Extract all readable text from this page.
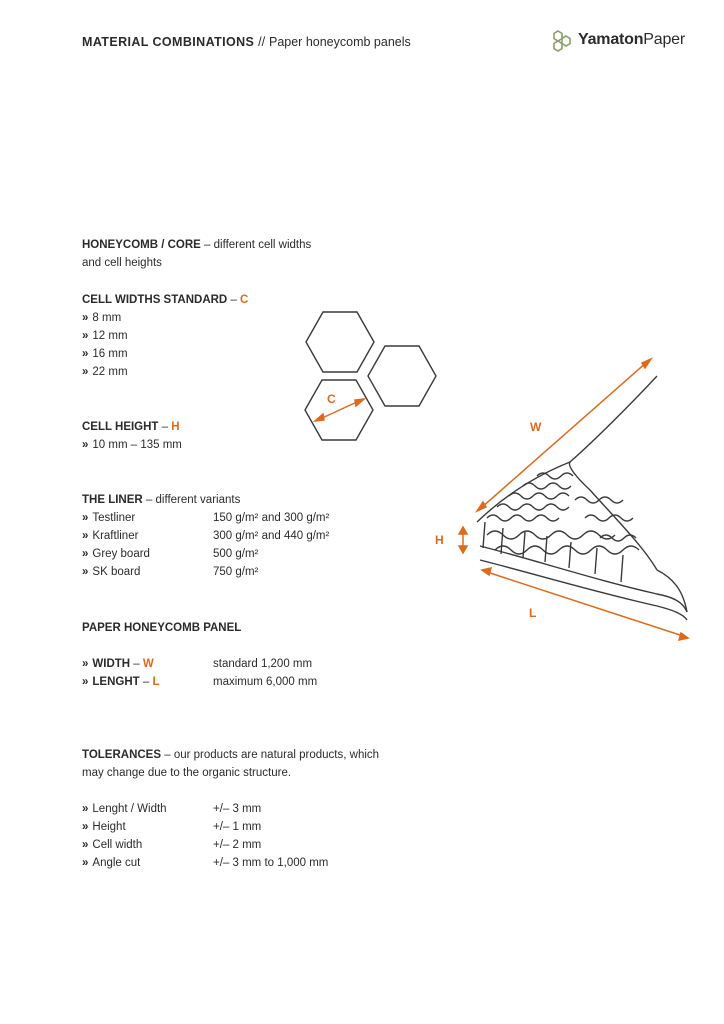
MATERIAL COMBINATIONS // Paper honeycomb panels	YamatonPaper
HONEYCOMB / CORE – different cell widths
and cell heights
CELL WIDTHS STANDARD – C
» 8 mm
» 12 mm
» 16 mm
» 22 mm
CELL HEIGHT – H
» 10 mm – 135 mm
THE LINER – different variants
» Testliner	150 g/m² and 300 g/m²
» Kraftliner	300 g/m² and 440 g/m²
» Grey board	500 g/m²
» SK board	750 g/m²
PAPER HONEYCOMB PANEL
» WIDTH – W	standard 1,200 mm
» LENGHT – L	maximum 6,000 mm
TOLERANCES – our products are natural products, which
may change due to the organic structure.
» Lenght / Width	+/– 3 mm
» Height	+/– 1 mm
» Cell width	+/– 2 mm
» Angle cut	+/– 3 mm to 1,000 mm
C
W
H
L
